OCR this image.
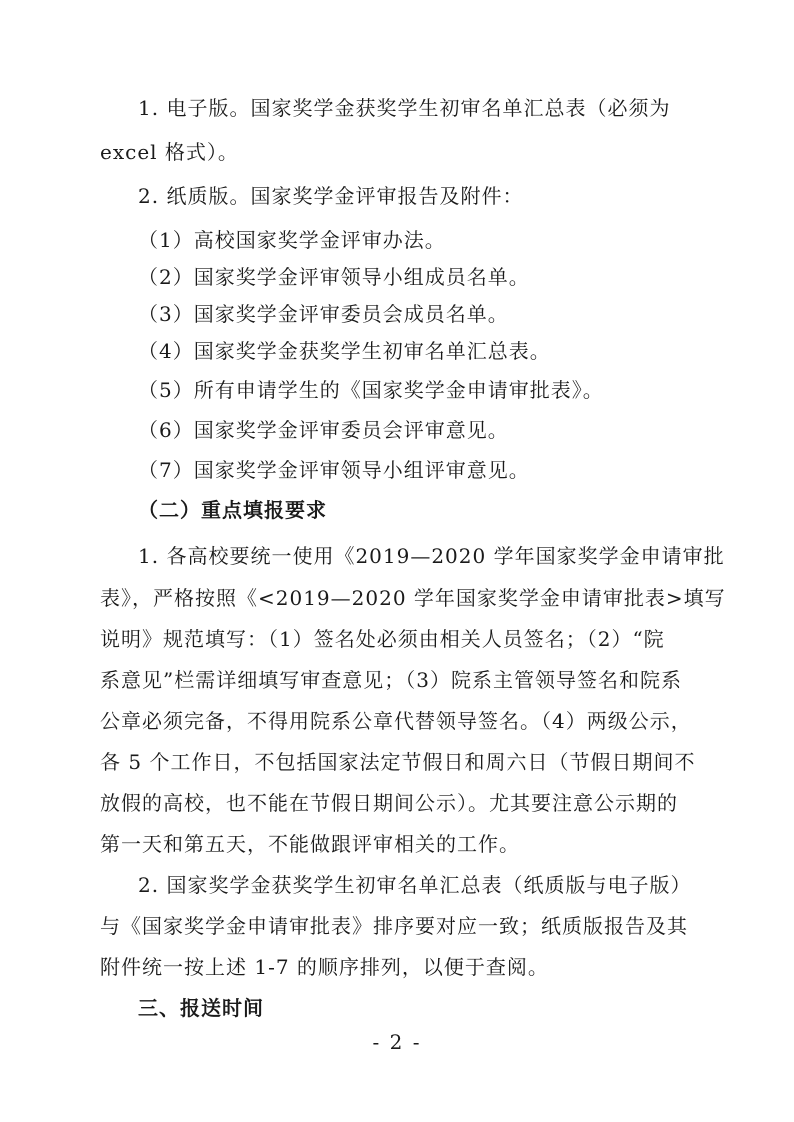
1. 电子版。国家奖学金获奖学生初审名单汇总表（必须为
excel 格式）。
2. 纸质版。国家奖学金评审报告及附件：
（1）高校国家奖学金评审办法。
（2）国家奖学金评审领导小组成员名单。
（3）国家奖学金评审委员会成员名单。
（4）国家奖学金获奖学生初审名单汇总表。
（5）所有申请学生的《国家奖学金申请审批表》。
（6）国家奖学金评审委员会评审意见。
（7）国家奖学金评审领导小组评审意见。
（二）重点填报要求
1. 各高校要统一使用《2019—2020 学年国家奖学金申请审批
表》，严格按照《<2019—2020 学年国家奖学金申请审批表>填写
说明》规范填写：（1）签名处必须由相关人员签名；（2）“院
系意见”栏需详细填写审查意见；（3）院系主管领导签名和院系
公章必须完备，不得用院系公章代替领导签名。（4）两级公示，
各 5 个工作日，不包括国家法定节假日和周六日（节假日期间不
放假的高校，也不能在节假日期间公示）。尤其要注意公示期的
第一天和第五天，不能做跟评审相关的工作。
2. 国家奖学金获奖学生初审名单汇总表（纸质版与电子版）
与《国家奖学金申请审批表》排序要对应一致；纸质版报告及其
附件统一按上述 1-7 的顺序排列，以便于查阅。
三、报送时间
- 2 -
